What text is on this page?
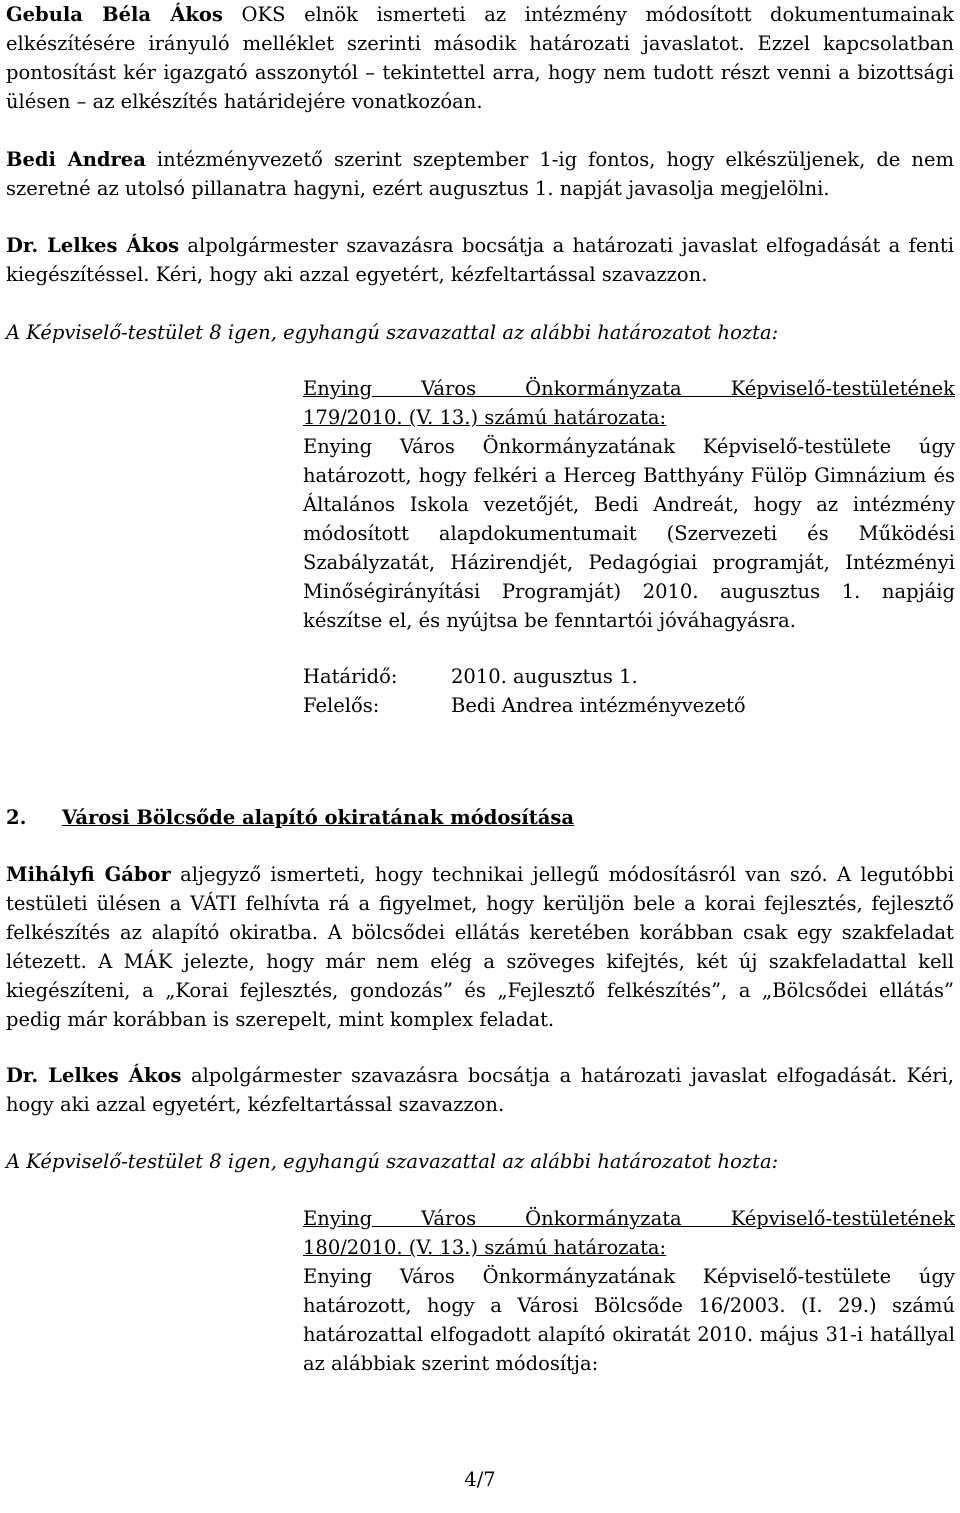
Gebula Béla Ákos OKS elnök ismerteti az intézmény módosított dokumentumainak elkészítésére irányuló melléklet szerinti második határozati javaslatot. Ezzel kapcsolatban pontosítást kér igazgató asszonytól – tekintettel arra, hogy nem tudott részt venni a bizottsági ülésen – az elkészítés határidejére vonatkozóan.

Bedi Andrea intézményvezető szerint szeptember 1-ig fontos, hogy elkészüljenek, de nem szeretné az utolsó pillanatra hagyni, ezért augusztus 1. napját javasolja megjelölni.

Dr. Lelkes Ákos alpolgármester szavazásra bocsátja a határozati javaslat elfogadását a fenti kiegészítéssel. Kéri, hogy aki azzal egyetért, kézfeltartással szavazzon.

A Képviselő-testület 8 igen, egyhangú szavazattal az alábbi határozatot hozta:

Enying Város Önkormányzata Képviselő-testületének
179/2010. (V. 13.) számú határozata:

Enying Város Önkormányzatának Képviselő-testülete úgy határozott, hogy felkéri a Herceg Batthyány Fülöp Gimnázium és Általános Iskola vezetőjét, Bedi Andreát, hogy az intézmény módosított alapdokumentumait (Szervezeti és Működési Szabályzatát, Házirendjét, Pedagógiai programját, Intézményi Minőségirányítási Programját) 2010. augusztus 1. napjáig készítse el, és nyújtsa be fenntartói jóváhagyásra.

Határidő:	2010. augusztus 1.
Felelős:	Bedi Andrea intézményvezető
2. Városi Bölcsőde alapító okiratának módosítása

Mihályfi Gábor aljegyző ismerteti, hogy technikai jellegű módosításról van szó. A legutóbbi testületi ülésen a VÁTI felhívta rá a figyelmet, hogy kerüljön bele a korai fejlesztés, fejlesztő felkészítés az alapító okiratba. A bölcsődei ellátás keretében korábban csak egy szakfeladat létezett. A MÁK jelezte, hogy már nem elég a szöveges kifejtés, két új szakfeladattal kell kiegészíteni, a „Korai fejlesztés, gondozás” és „Fejlesztő felkészítés”, a „Bölcsődei ellátás” pedig már korábban is szerepelt, mint komplex feladat.

Dr. Lelkes Ákos alpolgármester szavazásra bocsátja a határozati javaslat elfogadását. Kéri, hogy aki azzal egyetért, kézfeltartással szavazzon.

A Képviselő-testület 8 igen, egyhangú szavazattal az alábbi határozatot hozta:

Enying Város Önkormányzata Képviselő-testületének
180/2010. (V. 13.) számú határozata:

Enying Város Önkormányzatának Képviselő-testülete úgy határozott, hogy a Városi Bölcsőde 16/2003. (I. 29.) számú határozattal elfogadott alapító okiratát 2010. május 31-i hatállyal az alábbiak szerint módosítja:

4/7
